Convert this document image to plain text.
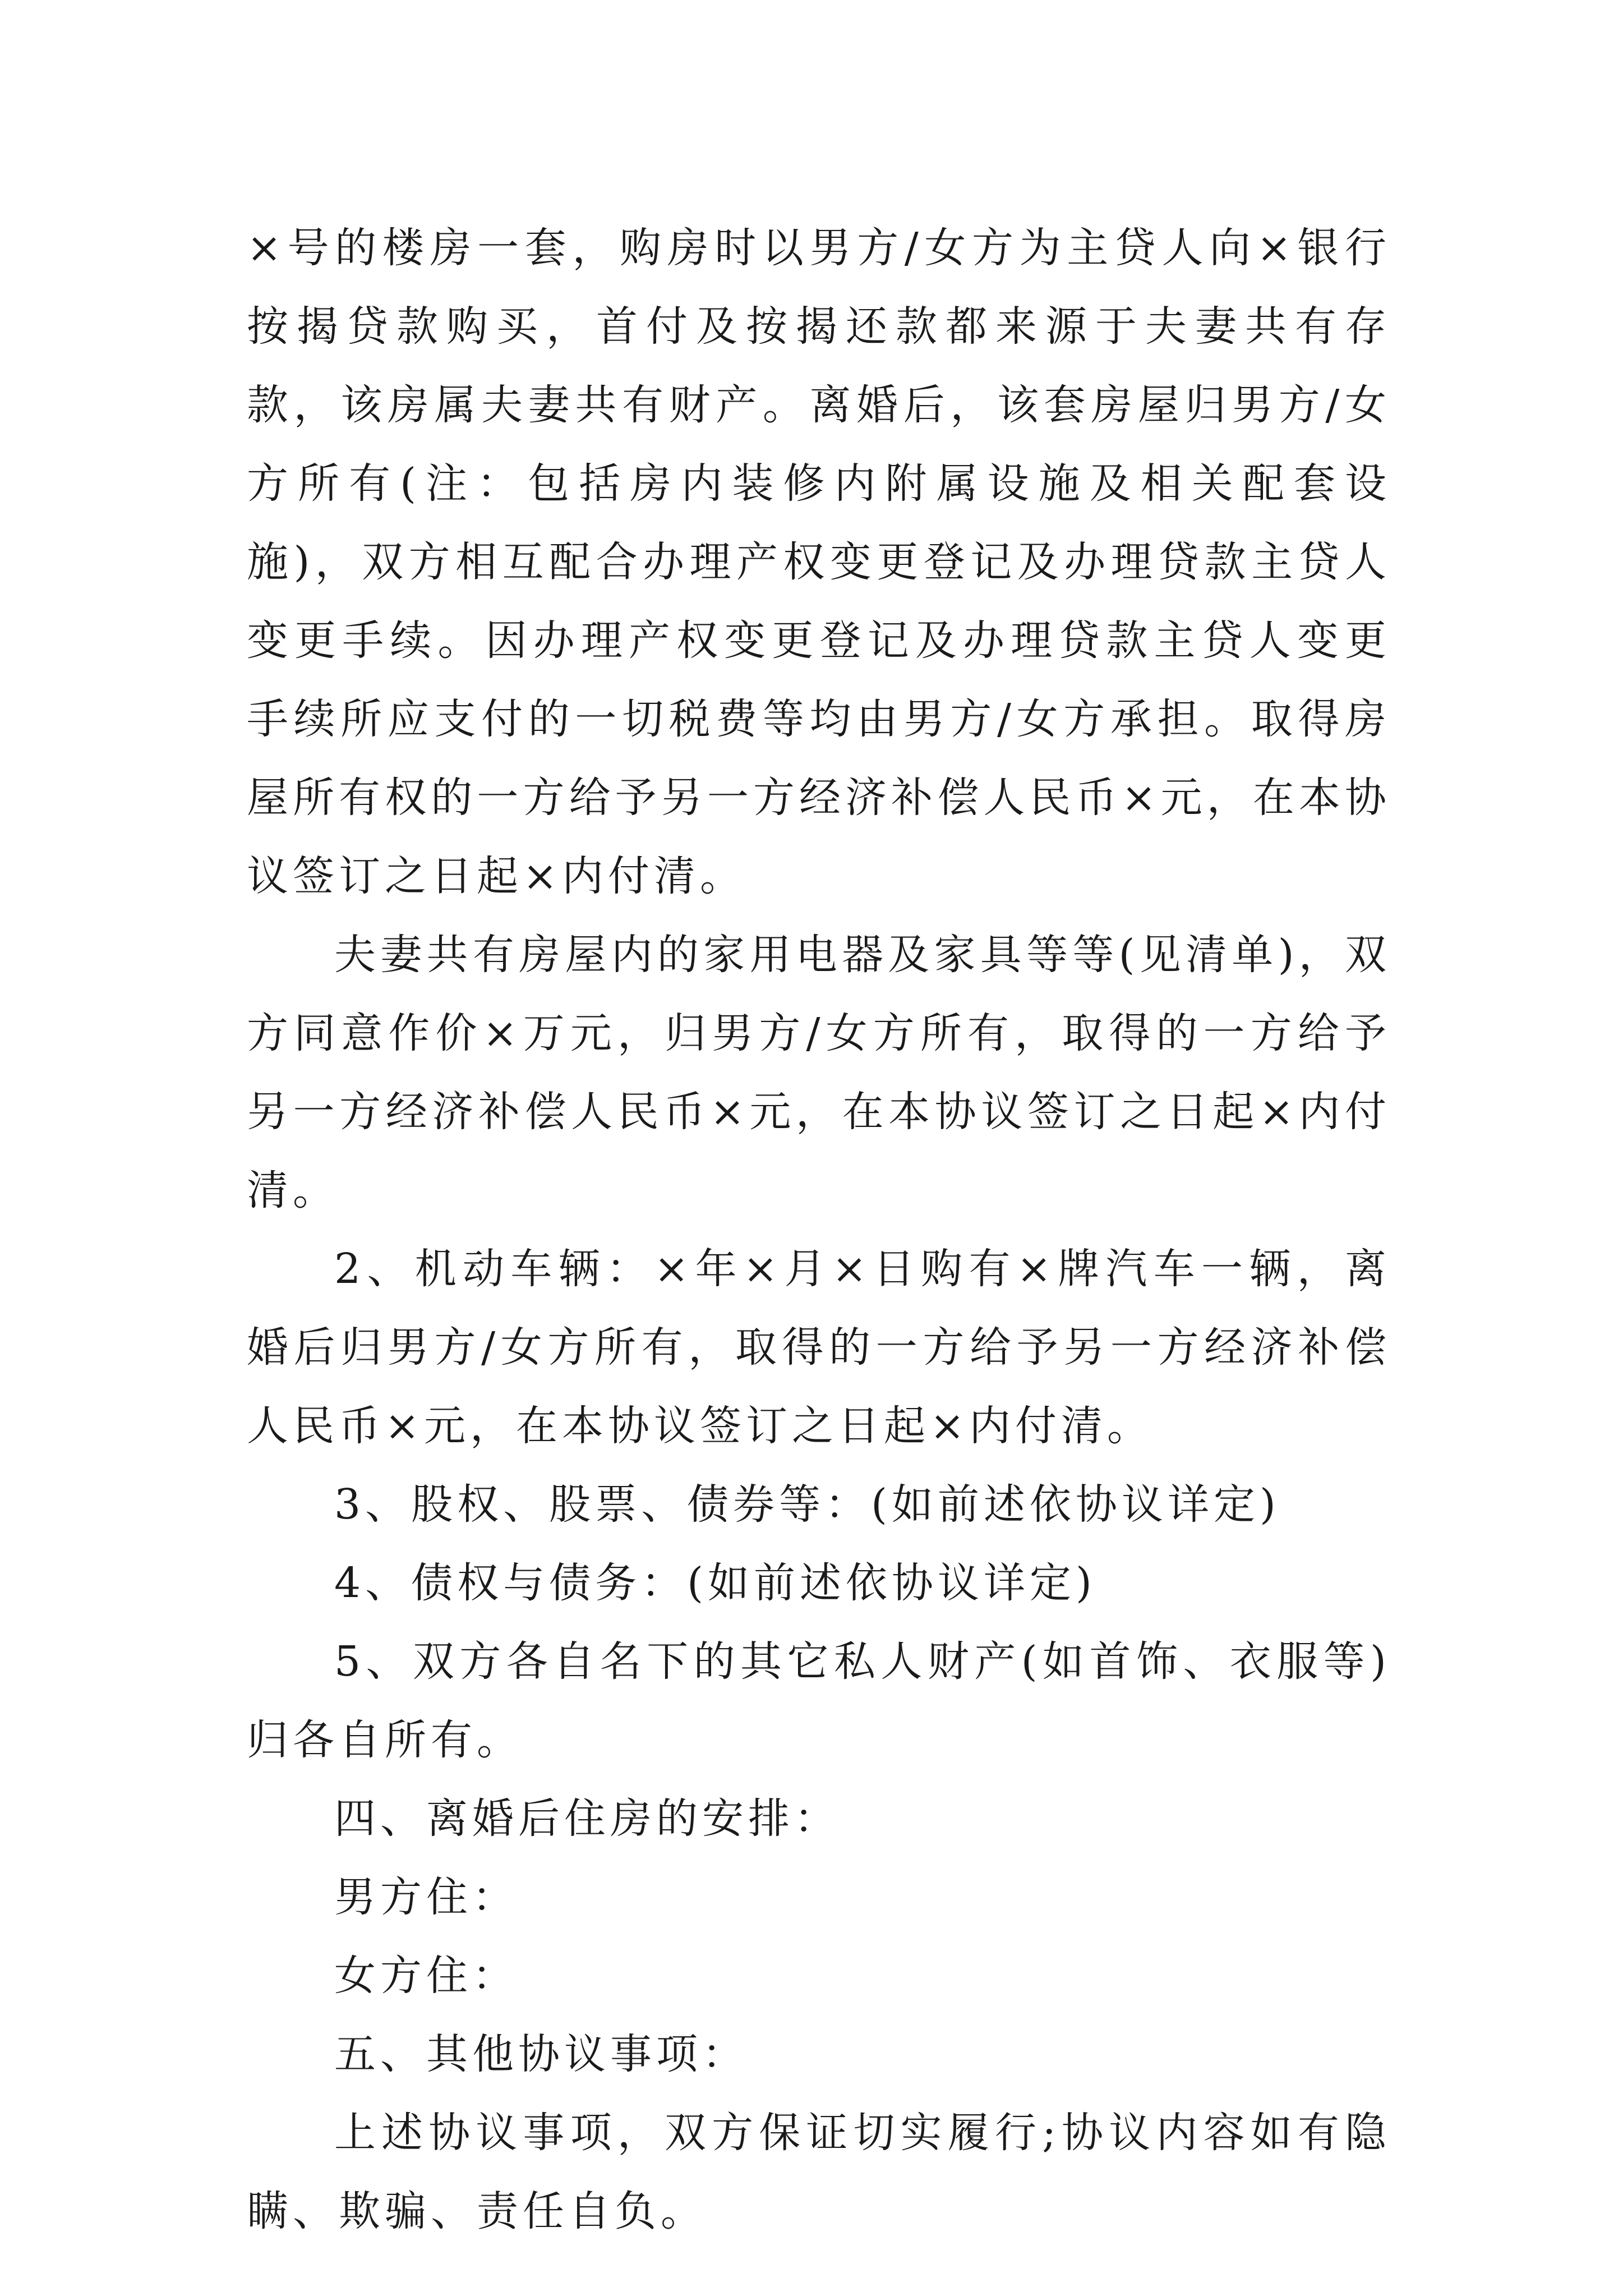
×号的楼房一套，购房时以男方/女方为主贷人向×银行按揭贷款购买，首付及按揭还款都来源于夫妻共有存款，该房属夫妻共有财产。离婚后，该套房屋归男方/女方所有(注：包括房内装修内附属设施及相关配套设施)，双方相互配合办理产权变更登记及办理贷款主贷人变更手续。因办理产权变更登记及办理贷款主贷人变更手续所应支付的一切税费等均由男方/女方承担。取得房屋所有权的一方给予另一方经济补偿人民币×元，在本协议签订之日起×内付清。

夫妻共有房屋内的家用电器及家具等等(见清单)，双方同意作价×万元，归男方/女方所有，取得的一方给予另一方经济补偿人民币×元，在本协议签订之日起×内付清。

2、机动车辆：×年×月×日购有×牌汽车一辆，离婚后归男方/女方所有，取得的一方给予另一方经济补偿人民币×元，在本协议签订之日起×内付清。

3、股权、股票、债券等：(如前述依协议详定)

4、债权与债务：(如前述依协议详定)

5、双方各自名下的其它私人财产(如首饰、衣服等)归各自所有。

四、离婚后住房的安排：

男方住：

女方住：

五、其他协议事项：

上述协议事项，双方保证切实履行;协议内容如有隐瞒、欺骗、责任自负。
